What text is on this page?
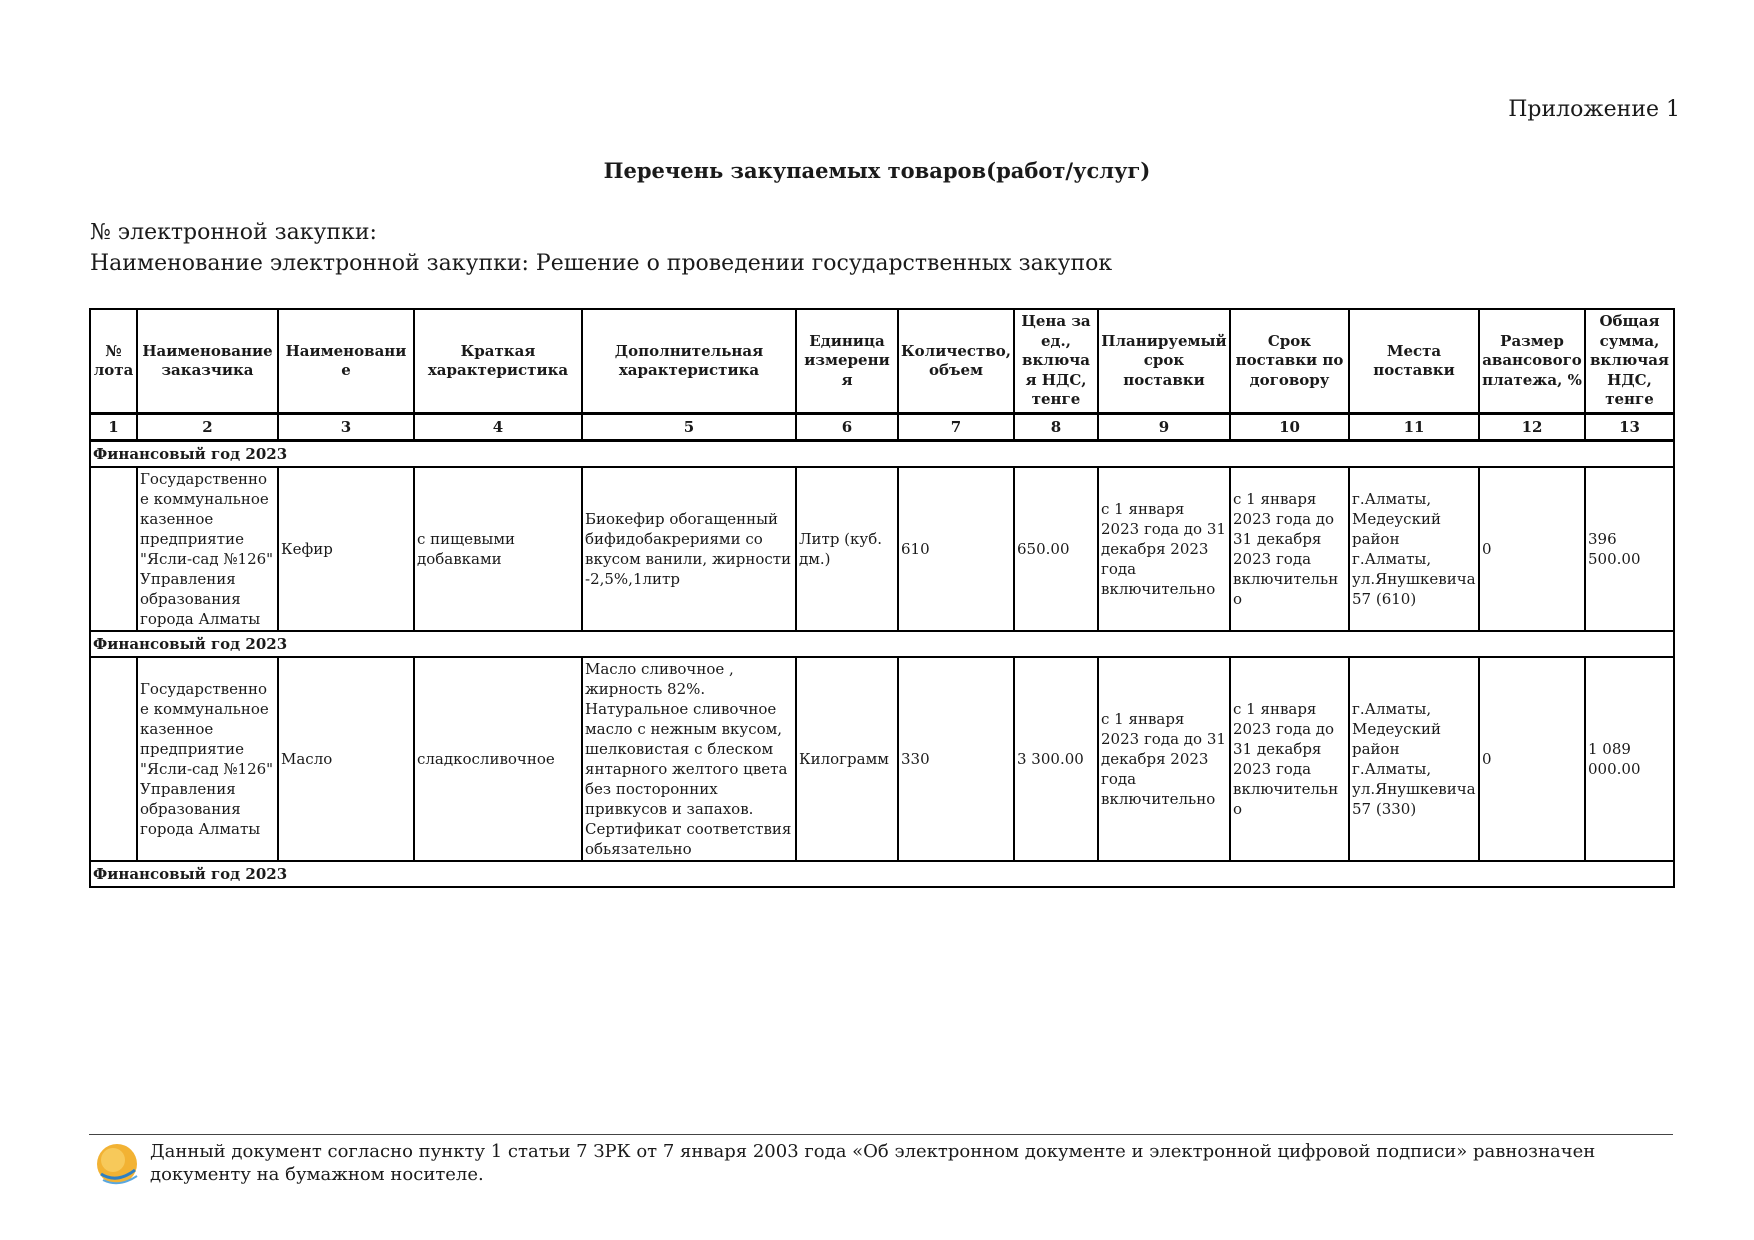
Приложение 1
Перечень закупаемых товаров(работ/услуг)
№ электронной закупки:
Наименование электронной закупки: Решение о проведении государственных закупок
№ лота	Наименование заказчика	Наименование	Краткая характеристика	Дополнительная характеристика	Единица измерения	Количество, объем	Цена за ед., включая НДС, тенге	Планируемый срок поставки	Срок поставки по договору	Места поставки	Размер авансового платежа, %	Общая сумма, включая НДС, тенге
1	2	3	4	5	6	7	8	9	10	11	12	13
Финансовый год 2023												
	Государственное коммунальное казенное предприятие "Ясли-сад №126" Управления образования города Алматы	Кефир	с пищевыми добавками	Биокефир обогащенный бифидобакрериями со вкусом ванили, жирности -2,5%,1литр	Литр (куб. дм.)	610	650.00	с 1 января 2023 года до 31 декабря 2023 года включительно	с 1 января 2023 года до 31 декабря 2023 года включительно	г.Алматы, Медеуский район г.Алматы, ул.Янушкевича 57 (610)	0	396 500.00
Финансовый год 2023												
	Государственное коммунальное казенное предприятие "Ясли-сад №126" Управления образования города Алматы	Масло	сладкосливочное	Масло сливочное , жирность 82%. Натуральное сливочное масло с нежным вкусом, шелковистая с блеском янтарного желтого цвета без посторонних привкусов и запахов. Сертификат соответствия обьязательно	Килограмм	330	3 300.00	с 1 января 2023 года до 31 декабря 2023 года включительно	с 1 января 2023 года до 31 декабря 2023 года включительно	г.Алматы, Медеуский район г.Алматы, ул.Янушкевича 57 (330)	0	1 089 000.00
Финансовый год 2023												
Данный документ согласно пункту 1 статьи 7 ЗРК от 7 января 2003 года «Об электронном документе и электронной цифровой подписи» равнозначен документу на бумажном носителе.
